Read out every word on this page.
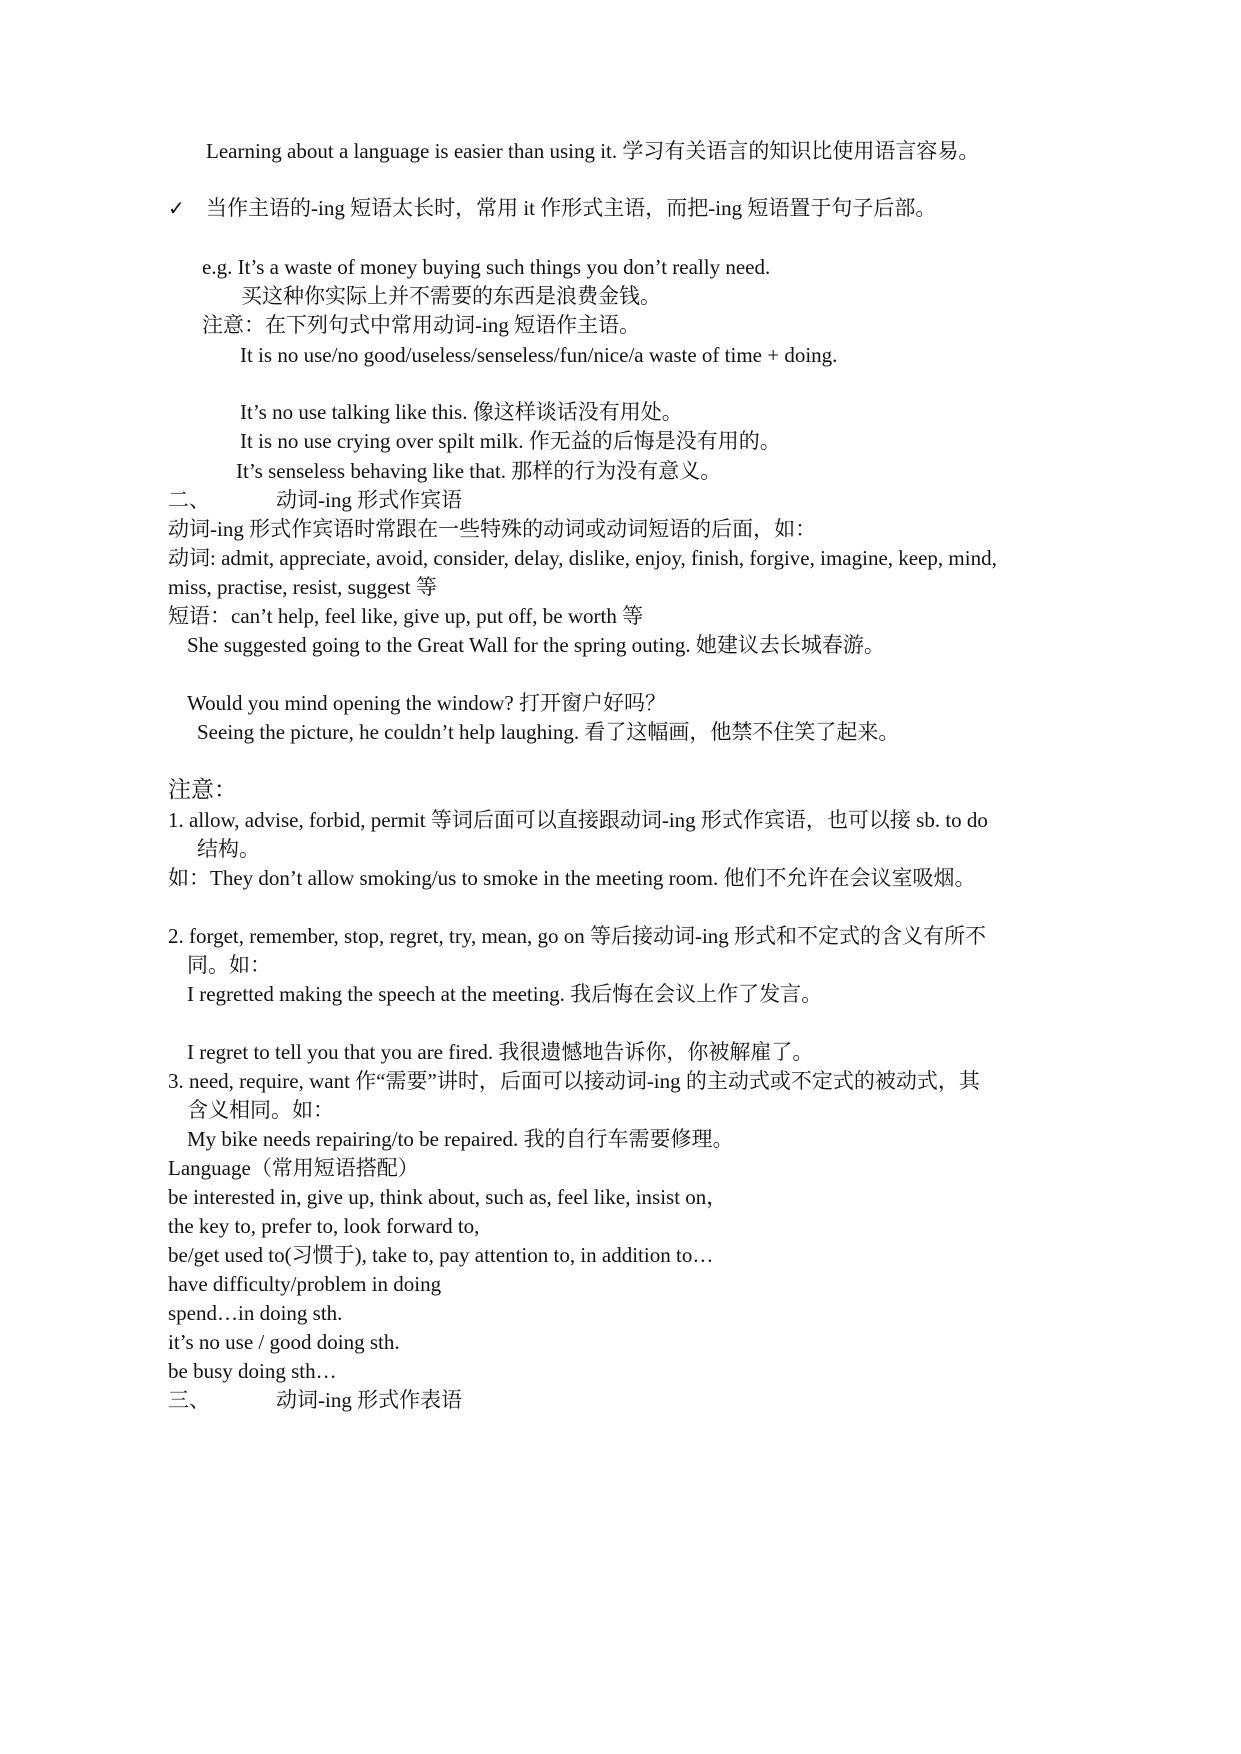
Learning about a language is easier than using it. 学习有关语言的知识比使用语言容易。
✓ 当作主语的-ing 短语太长时，常用 it 作形式主语，而把-ing 短语置于句子后部。
e.g. It’s a waste of money buying such things you don’t really need.
买这种你实际上并不需要的东西是浪费金钱。
注意：在下列句式中常用动词-ing 短语作主语。
It is no use/no good/useless/senseless/fun/nice/a waste of time + doing.
It’s no use talking like this. 像这样谈话没有用处。
It is no use crying over spilt milk. 作无益的后悔是没有用的。
It’s senseless behaving like that. 那样的行为没有意义。
二、	动词-ing 形式作宾语
动词-ing 形式作宾语时常跟在一些特殊的动词或动词短语的后面，如：
动词: admit, appreciate, avoid, consider, delay, dislike, enjoy, finish, forgive, imagine, keep, mind,
miss, practise, resist, suggest 等
短语：can’t help, feel like, give up, put off, be worth 等
She suggested going to the Great Wall for the spring outing. 她建议去长城春游。
Would you mind opening the window? 打开窗户好吗？
Seeing the picture, he couldn’t help laughing. 看了这幅画，他禁不住笑了起来。
注意：
1. allow, advise, forbid, permit 等词后面可以直接跟动词-ing 形式作宾语，也可以接 sb. to do
结构。
如：They don’t allow smoking/us to smoke in the meeting room. 他们不允许在会议室吸烟。
2. forget, remember, stop, regret, try, mean, go on 等后接动词-ing 形式和不定式的含义有所不
同。如：
I regretted making the speech at the meeting. 我后悔在会议上作了发言。
I regret to tell you that you are fired. 我很遗憾地告诉你，你被解雇了。
3. need, require, want 作“需要”讲时，后面可以接动词-ing 的主动式或不定式的被动式，其
含义相同。如：
My bike needs repairing/to be repaired. 我的自行车需要修理。
Language（常用短语搭配）
be interested in, give up, think about, such as, feel like, insist on，
the key to, prefer to, look forward to,
be/get used to(习惯于), take to, pay attention to, in addition to…
have difficulty/problem in doing
spend…in doing sth.
it’s no use / good doing sth.
be busy doing sth…
三、	动词-ing 形式作表语
